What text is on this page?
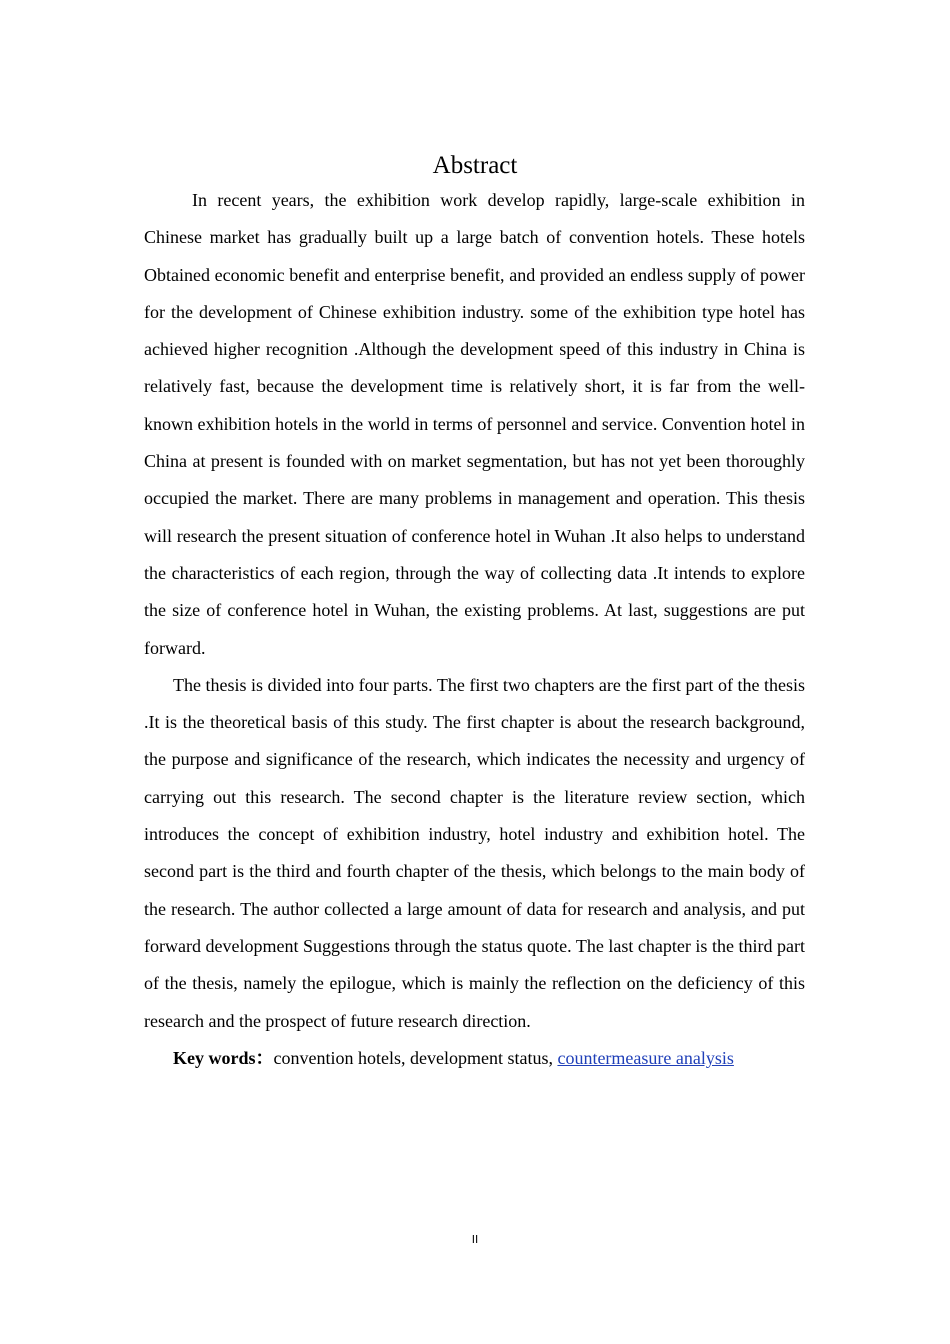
Abstract

In recent years, the exhibition work develop rapidly, large-scale exhibition in Chinese market has gradually built up a large batch of convention hotels. These hotels Obtained economic benefit and enterprise benefit, and provided an endless supply of power for the development of Chinese exhibition industry. some of the exhibition type hotel has achieved higher recognition .Although the development speed of this industry in China is relatively fast, because the development time is relatively short, it is far from the well-known exhibition hotels in the world in terms of personnel and service. Convention hotel in China at present is founded with on market segmentation, but has not yet been thoroughly occupied the market. There are many problems in management and operation. This thesis will research the present situation of conference hotel in Wuhan .It also helps to understand the characteristics of each region, through the way of collecting data .It intends to explore the size of conference hotel in Wuhan, the existing problems. At last, suggestions are put forward.

The thesis is divided into four parts. The first two chapters are the first part of the thesis .It is the theoretical basis of this study. The first chapter is about the research background, the purpose and significance of the research, which indicates the necessity and urgency of carrying out this research. The second chapter is the literature review section, which introduces the concept of exhibition industry, hotel industry and exhibition hotel. The second part is the third and fourth chapter of the thesis, which belongs to the main body of the research. The author collected a large amount of data for research and analysis, and put forward development Suggestions through the status quote. The last chapter is the third part of the thesis, namely the epilogue, which is mainly the reflection on the deficiency of this research and the prospect of future research direction.

Key words：convention hotels, development status, countermeasure analysis

II
